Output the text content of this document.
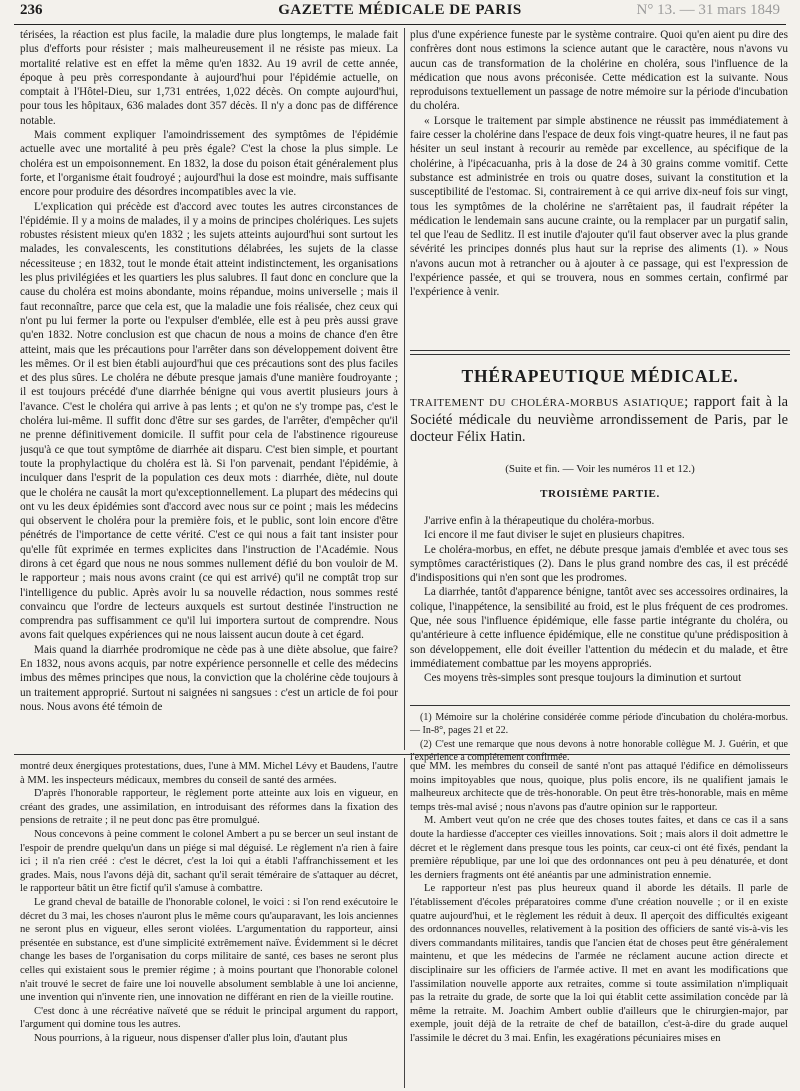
236	GAZETTE MÉDICALE DE PARIS	N° 13. — 31 mars 1849

térisées, la réaction est plus facile, la maladie dure plus longtemps, le malade fait plus d'efforts pour résister ; mais malheureusement il ne résiste pas mieux. La mortalité relative est en effet la même qu'en 1832. Au 19 avril de cette année, époque à peu près correspondante à aujourd'hui pour l'épidémie actuelle, on comptait à l'Hôtel-Dieu, sur 1,731 entrées, 1,022 décès. On compte aujourd'hui, pour tous les hôpitaux, 636 malades dont 357 décès. Il n'y a donc pas de différence notable.

Mais comment expliquer l'amoindrissement des symptômes de l'épidémie actuelle avec une mortalité à peu près égale? C'est la chose la plus simple. Le choléra est un empoisonnement. En 1832, la dose du poison était généralement plus forte, et l'organisme était foudroyé ; aujourd'hui la dose est moindre, mais suffisante encore pour produire des désordres incompatibles avec la vie.

L'explication qui précède est d'accord avec toutes les autres circonstances de l'épidémie. Il y a moins de malades, il y a moins de principes cholériques. Les sujets robustes résistent mieux qu'en 1832 ; les sujets atteints aujourd'hui sont surtout les malades, les convalescents, les constitutions délabrées, les sujets de la classe nécessiteuse ; en 1832, tout le monde était atteint indistinctement, les organisations les plus privilégiées et les quartiers les plus salubres. Il faut donc en conclure que la cause du choléra est moins abondante, moins répandue, moins universelle ; mais il faut reconnaître, parce que cela est, que la maladie une fois réalisée, chez ceux qui n'ont pu lui fermer la porte ou l'expulser d'emblée, elle est à peu près aussi grave qu'en 1832. Notre conclusion est que chacun de nous a moins de chance d'en être atteint, mais que les précautions pour l'arrêter dans son développement doivent être les mêmes. Or il est bien établi aujourd'hui que ces précautions sont des plus faciles et des plus sûres. Le choléra ne débute presque jamais d'une manière foudroyante ; il est toujours précédé d'une diarrhée bénigne qui vous avertit plusieurs jours à l'avance. C'est le choléra qui arrive à pas lents ; et qu'on ne s'y trompe pas, c'est le choléra lui-même. Il suffit donc d'être sur ses gardes, de l'arrêter, d'empêcher qu'il ne prenne définitivement domicile. Il suffit pour cela de l'abstinence rigoureuse jusqu'à ce que tout symptôme de diarrhée ait disparu. C'est bien simple, et pourtant toute la prophylactique du choléra est là. Si l'on parvenait, pendant l'épidémie, à inculquer dans l'esprit de la population ces deux mots : diarrhée, diète, nul doute que le choléra ne causât la mort qu'exceptionnellement. La plupart des médecins qui ont vu les deux épidémies sont d'accord avec nous sur ce point ; mais les médecins qui observent le choléra pour la première fois, et le public, sont loin encore d'être pénétrés de l'importance de cette vérité. C'est ce qui nous a fait tant insister pour qu'elle fût exprimée en termes explicites dans l'instruction de l'Académie. Nous dirons à cet égard que nous ne nous sommes nullement défié du bon vouloir de M. le rapporteur ; mais nous avons craint (ce qui est arrivé) qu'il ne comptât trop sur l'intelligence du public. Après avoir lu sa nouvelle rédaction, nous sommes resté convaincu que l'ordre de lecteurs auxquels est surtout destinée l'instruction ne comprendra pas suffisamment ce qu'il lui importera surtout de comprendre. Nous avons fait quelques expériences qui ne nous laissent aucun doute à cet égard.

Mais quand la diarrhée prodromique ne cède pas à une diète absolue, que faire? En 1832, nous avons acquis, par notre expérience personnelle et celle des médecins imbus des mêmes principes que nous, la conviction que la cholérine cède toujours à un traitement approprié. Surtout ni saignées ni sangsues : c'est un article de foi pour nous. Nous avons été témoin de

plus d'une expérience funeste par le système contraire. Quoi qu'en aient pu dire des confrères dont nous estimons la science autant que le caractère, nous n'avons vu aucun cas de transformation de la cholérine en choléra, sous l'influence de la médication que nous avons préconisée. Cette médication est la suivante. Nous reproduisons textuellement un passage de notre mémoire sur la période d'incubation du choléra.

« Lorsque le traitement par simple abstinence ne réussit pas immédiatement à faire cesser la cholérine dans l'espace de deux fois vingt-quatre heures, il ne faut pas hésiter un seul instant à recourir au remède par excellence, au spécifique de la cholérine, à l'ipécacuanha, pris à la dose de 24 à 30 grains comme vomitif. Cette substance est administrée en trois ou quatre doses, suivant la constitution et la susceptibilité de l'estomac. Si, contrairement à ce qui arrive dix-neuf fois sur vingt, tous les symptômes de la cholérine ne s'arrêtaient pas, il faudrait répéter la médication le lendemain sans aucune crainte, ou la remplacer par un purgatif salin, tel que l'eau de Sedlitz. Il est inutile d'ajouter qu'il faut observer avec la plus grande sévérité les principes donnés plus haut sur la reprise des aliments (1). » Nous n'avons aucun mot à retrancher ou à ajouter à ce passage, qui est l'expression de l'expérience passée, et qui se trouvera, nous en sommes certain, confirmé par l'expérience à venir.

THÉRAPEUTIQUE MÉDICALE.
TRAITEMENT DU CHOLÉRA-MORBUS ASIATIQUE; rapport fait à la Société médicale du neuvième arrondissement de Paris, par le docteur Félix Hatin.
(Suite et fin. — Voir les numéros 11 et 12.)
TROISIÈME PARTIE.

J'arrive enfin à la thérapeutique du choléra-morbus.

Ici encore il me faut diviser le sujet en plusieurs chapitres.

Le choléra-morbus, en effet, ne débute presque jamais d'emblée et avec tous ses symptômes caractéristiques (2). Dans le plus grand nombre des cas, il est précédé d'indispositions qui n'en sont que les prodromes.

La diarrhée, tantôt d'apparence bénigne, tantôt avec ses accessoires ordinaires, la colique, l'inappétence, la sensibilité au froid, est le plus fréquent de ces prodromes. Que, née sous l'influence épidémique, elle fasse partie intégrante du choléra, ou qu'antérieure à cette influence épidémique, elle ne constitue qu'une prédisposition à son développement, elle doit éveiller l'attention du médecin et du malade, et être immédiatement combattue par les moyens appropriés.

Ces moyens très-simples sont presque toujours la diminution et surtout

(1) Mémoire sur la cholérine considérée comme période d'incubation du choléra-morbus. — In-8°, pages 21 et 22.

(2) C'est une remarque que nous devons à notre honorable collègue M. J. Guérin, et que l'expérience a complétement confirmée.

montré deux énergiques protestations, dues, l'une à MM. Michel Lévy et Baudens, l'autre à MM. les inspecteurs médicaux, membres du conseil de santé des armées.

D'après l'honorable rapporteur, le règlement porte atteinte aux lois en vigueur, en créant des grades, une assimilation, en introduisant des réformes dans la fixation des pensions de retraite ; il ne peut donc pas être promulgué.

Nous concevons à peine comment le colonel Ambert a pu se bercer un seul instant de l'espoir de prendre quelqu'un dans un piége si mal déguisé. Le règlement n'a rien à faire ici ; il n'a rien créé : c'est le décret, c'est la loi qui a établi l'affranchissement et les grades. Mais, nous l'avons déjà dit, sachant qu'il serait téméraire de s'attaquer au décret, le rapporteur bâtit un être fictif qu'il s'amuse à combattre.

Le grand cheval de bataille de l'honorable colonel, le voici : si l'on rend exécutoire le décret du 3 mai, les choses n'auront plus le même cours qu'auparavant, les lois anciennes ne seront plus en vigueur, elles seront violées. L'argumentation du rapporteur, ainsi présentée en substance, est d'une simplicité extrêmement naïve. Évidemment si le décret change les bases de l'organisation du corps militaire de santé, ces bases ne seront plus celles qui existaient sous le premier régime ; à moins pourtant que l'honorable colonel n'ait trouvé le secret de faire une loi nouvelle absolument semblable à une loi ancienne, une invention qui n'invente rien, une innovation ne différant en rien de la vieille routine.

C'est donc à une récréative naïveté que se réduit le principal argument du rapport, l'argument qui domine tous les autres.

Nous pourrions, à la rigueur, nous dispenser d'aller plus loin, d'autant plus

que MM. les membres du conseil de santé n'ont pas attaqué l'édifice en démolisseurs moins impitoyables que nous, quoique, plus polis encore, ils ne qualifient jamais le malheureux architecte que de très-honorable. On peut être très-honorable, mais en même temps très-mal avisé ; nous n'avons pas d'autre opinion sur le rapporteur.

M. Ambert veut qu'on ne crée que des choses toutes faites, et dans ce cas il a sans doute la hardiesse d'accepter ces vieilles innovations. Soit ; mais alors il doit admettre le décret et le règlement dans presque tous les points, car ceux-ci ont été fixés, pendant la première république, par une loi que des ordonnances ont peu à peu dénaturée, et dont les derniers fragments ont été anéantis par une administration ennemie.

Le rapporteur n'est pas plus heureux quand il aborde les détails. Il parle de l'établissement d'écoles préparatoires comme d'une création nouvelle ; or il en existe quatre aujourd'hui, et le règlement les réduit à deux. Il aperçoit des difficultés exigeant des ordonnances nouvelles, relativement à la position des officiers de santé vis-à-vis les divers commandants militaires, tandis que l'ancien état de choses peut être généralement maintenu, et que les médecins de l'armée ne réclament aucune action directe et disciplinaire sur les officiers de l'armée active. Il met en avant les modifications que l'assimilation nouvelle apporte aux retraites, comme si toute assimilation n'impliquait pas la retraite du grade, de sorte que la loi qui établit cette assimilation concède par là même la retraite. M. Joachim Ambert oublie d'ailleurs que le chirurgien-major, par exemple, jouit déjà de la retraite de chef de bataillon, c'est-à-dire du grade auquel l'assimile le décret du 3 mai. Enfin, les exagérations pécuniaires mises en
